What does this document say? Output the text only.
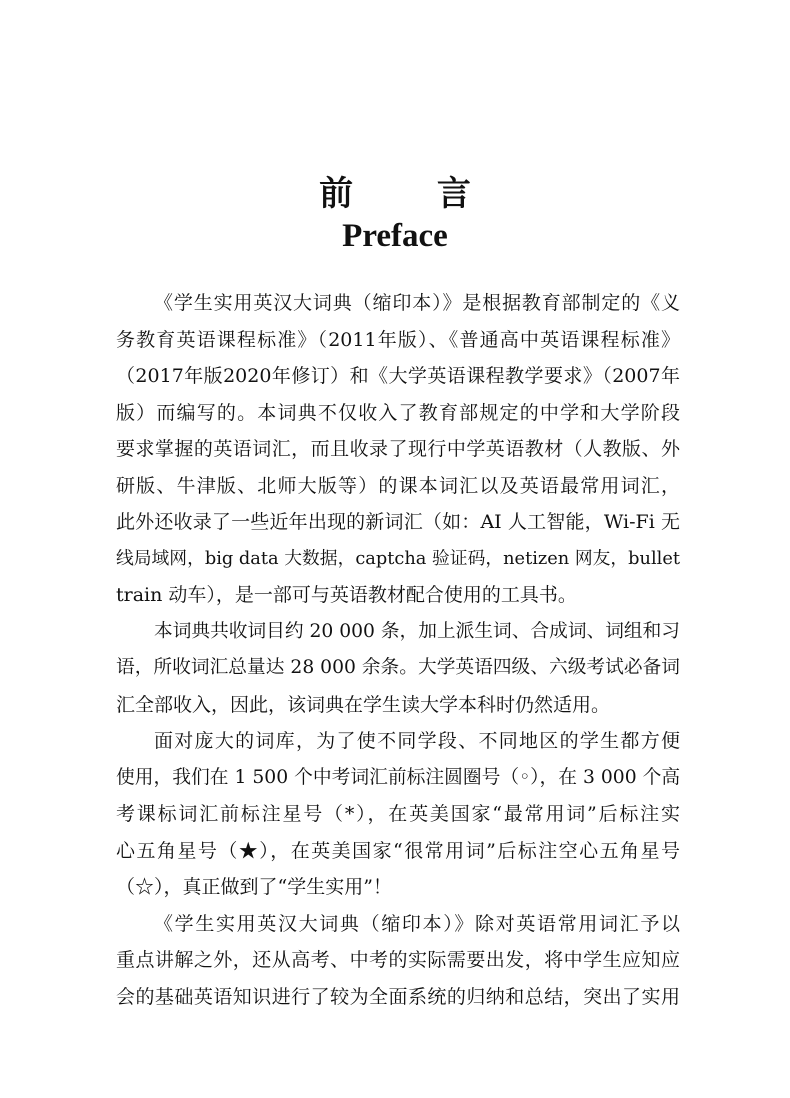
前 言
Preface
《学生实用英汉大词典（缩印本）》是根据教育部制定的《义
务教育英语课程标准》（2011年版）、《普通高中英语课程标准》
（2017年版2020年修订）和《大学英语课程教学要求》（2007年
版）而编写的。本词典不仅收入了教育部规定的中学和大学阶段
要求掌握的英语词汇，而且收录了现行中学英语教材（人教版、外
研版、牛津版、北师大版等）的课本词汇以及英语最常用词汇，
此外还收录了一些近年出现的新词汇（如：AI 人工智能，Wi-Fi 无
线局域网，big data 大数据，captcha 验证码，netizen 网友，bullet
train 动车），是一部可与英语教材配合使用的工具书。
本词典共收词目约 20 000 条，加上派生词、合成词、词组和习
语，所收词汇总量达 28 000 余条。大学英语四级、六级考试必备词
汇全部收入，因此，该词典在学生读大学本科时仍然适用。
面对庞大的词库，为了使不同学段、不同地区的学生都方便
使用，我们在 1 500 个中考词汇前标注圆圈号（◦），在 3 000 个高
考课标词汇前标注星号（*），在英美国家“最常用词”后标注实
心五角星号（★），在英美国家“很常用词”后标注空心五角星号
（☆），真正做到了“学生实用”！
《学生实用英汉大词典（缩印本）》除对英语常用词汇予以
重点讲解之外，还从高考、中考的实际需要出发，将中学生应知应
会的基础英语知识进行了较为全面系统的归纳和总结，突出了实用
